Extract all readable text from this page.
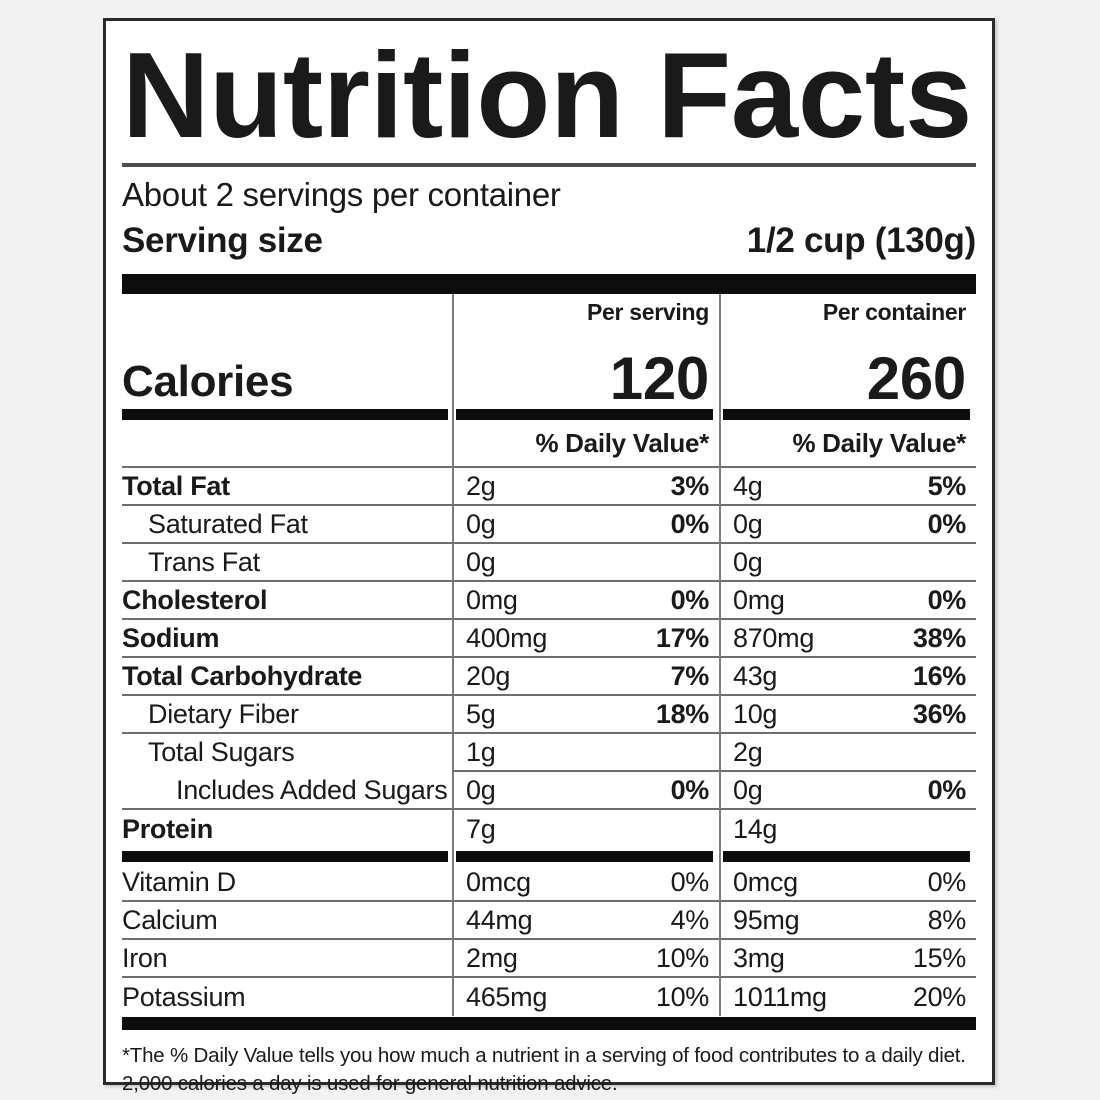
Nutrition Facts
About 2 servings per container
Serving size	1/2 cup (130g)
Per serving	Per container
Calories	120	260
% Daily Value*	% Daily Value*
Total Fat	2g	3% 4g	5%
Saturated Fat	0g	0% 0g	0%
Trans Fat	0g	0g
Cholesterol	0mg	0% 0mg	0%
Sodium	400mg	17% 870mg	38%
Total Carbohydrate	20g	7% 43g	16%
Dietary Fiber	5g	18% 10g	36%
Total Sugars	1g	2g
Includes Added Sugars 0g	0% 0g	0%
Protein	7g	14g
Vitamin D	0mcg	0% 0mcg	0%
Calcium	44mg	4% 95mg	8%
Iron	2mg	10% 3mg	15%
Potassium	465mg	10% 1011mg	20%
*The % Daily Value tells you how much a nutrient in a serving of food contributes to a daily diet.
2,000 calories a day is used for general nutrition advice.
